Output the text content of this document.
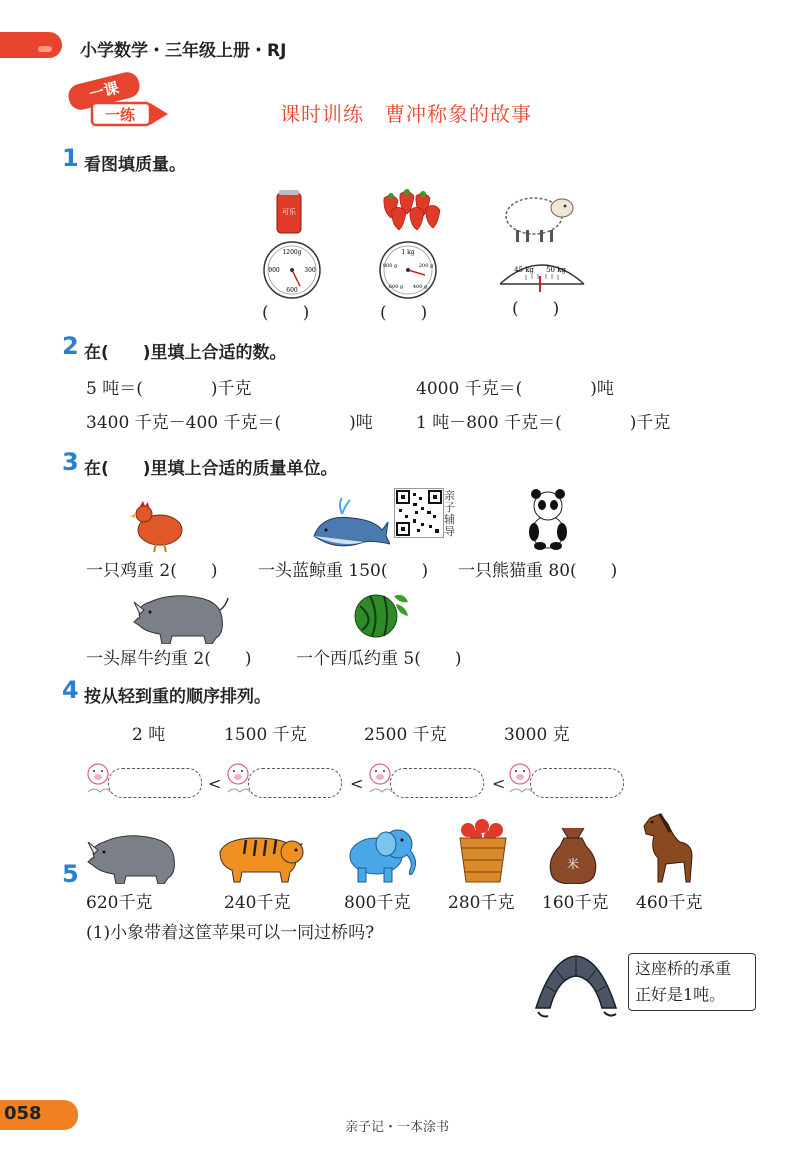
小学数学・三年级上册・RJ
一课
一练	课时训练　曹冲称象的故事
1 看图填质量。
可乐
1200g
300
900
600
(　　)
1 kg
800 g	200 g
600 g 400 g
(　　)
45 kg 50 kg
(　　)
2 在(　　)里填上合适的数。
5 吨＝(　　　　)千克	4000 千克＝(　　　　)吨
3400 千克－400 千克＝(　　　　)吨	1 吨－800 千克＝(　　　　)千克
3 在(　　)里填上合适的质量单位。
亲子辅导
一只鸡重 2(　　) 一头蓝鲸重 150(　　) 一只熊猫重 80(　　)
一头犀牛约重 2(　　)	一个西瓜约重 5(　　)
4 按从轻到重的顺序排列。
2 吨	1500 千克	2500 千克	3000 克
<	<	<
5	米
620千克	240千克	800千克 280千克 160千克 460千克
(1)小象带着这筐苹果可以一同过桥吗?
这座桥的承重
正好是1吨。
058
亲子记・一本涂书
